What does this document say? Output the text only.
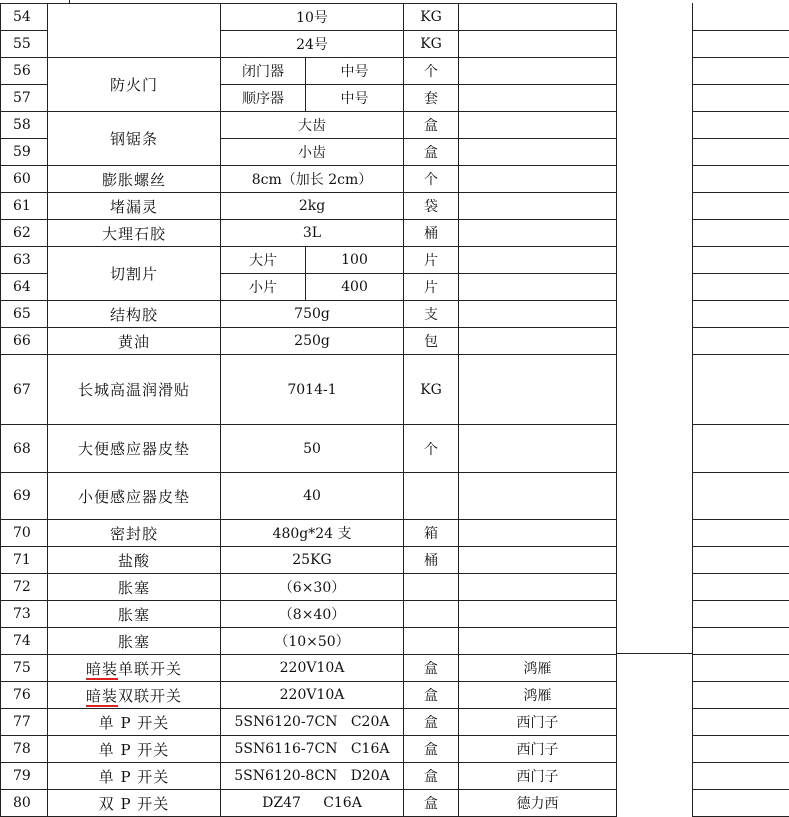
54		10号		KG	
55		24号		KG	
56	防火门	闭门器	中号	个	
57		顺序器	中号	套	
58	钢锯条	大齿		盒	
59		小齿		盒	
60	膨胀螺丝	8cm（加长 2cm）		个	
61	堵漏灵	2kg		袋	
62	大理石胶	3L		桶	
63	切割片	大片	100	片	
64		小片	400	片	
65	结构胶	750g		支	
66	黄油	250g		包	
67	长城高温润滑贴	7014-1		KG	
68	大便感应器皮垫	50		个	
69	小便感应器皮垫	40			
70	密封胶	480g*24 支		箱	
71	盐酸	25KG		桶	
72	胀塞	（6×30）			
73	胀塞	（8×40）			
74	胀塞	（10×50）			
75	暗装单联开关	220V10A		盒	鸿雁
76	暗装双联开关	220V10A		盒	鸿雁
77	单 P 开关	5SN6120-7CN   C20A		盒	西门子
78	单 P 开关	5SN6116-7CN   C16A		盒	西门子
79	单 P 开关	5SN6120-8CN   D20A		盒	西门子
80	双 P 开关	DZ47     C16A		盒	德力西
